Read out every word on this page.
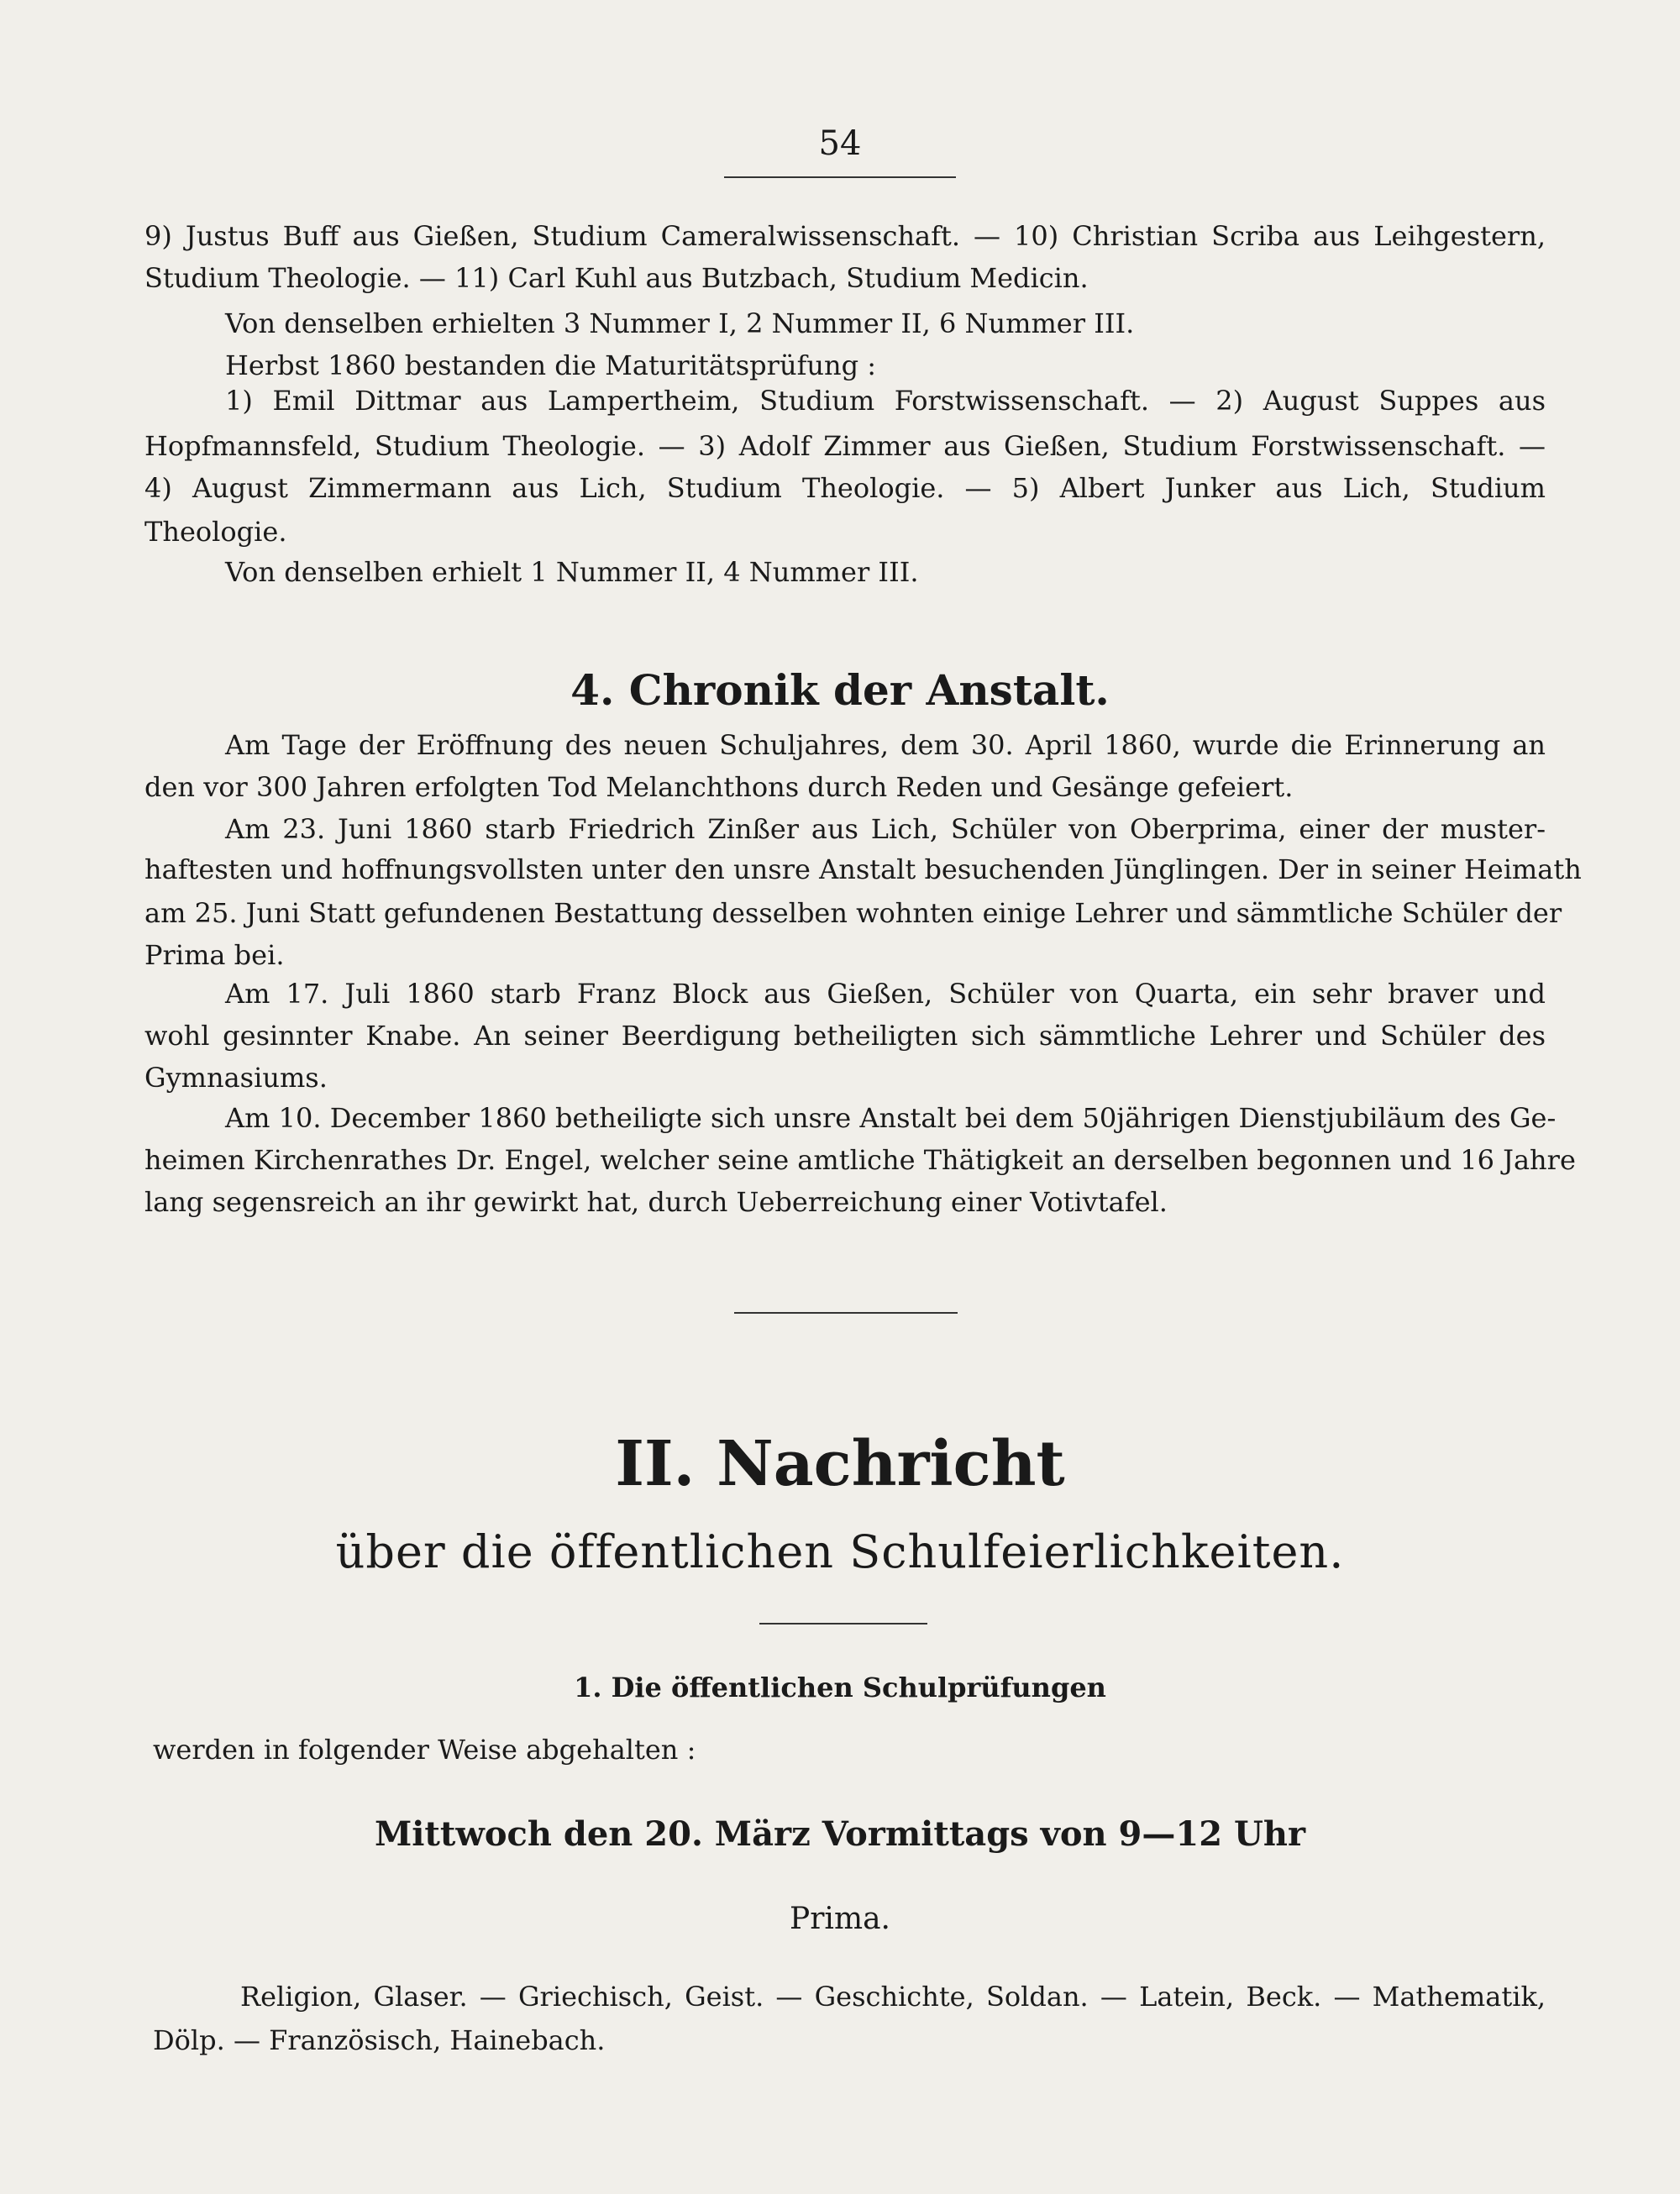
54
9) Justus Buff aus Gießen, Studium Cameralwissenschaft. — 10) Christian Scriba aus Leihgestern,
Studium Theologie. — 11) Carl Kuhl aus Butzbach, Studium Medicin.
Von denselben erhielten 3 Nummer I, 2 Nummer II, 6 Nummer III.
Herbst 1860 bestanden die Maturitätsprüfung :
1) Emil Dittmar aus Lampertheim, Studium Forstwissenschaft. — 2) August Suppes aus
Hopfmannsfeld, Studium Theologie. — 3) Adolf Zimmer aus Gießen, Studium Forstwissenschaft. —
4) August Zimmermann aus Lich, Studium Theologie. — 5) Albert Junker aus Lich, Studium
Theologie.
Von denselben erhielt 1 Nummer II, 4 Nummer III.
4. Chronik der Anstalt.
Am Tage der Eröffnung des neuen Schuljahres, dem 30. April 1860, wurde die Erinnerung an
den vor 300 Jahren erfolgten Tod Melanchthons durch Reden und Gesänge gefeiert.
Am 23. Juni 1860 starb Friedrich Zinßer aus Lich, Schüler von Oberprima, einer der muster-
haftesten und hoffnungsvollsten unter den unsre Anstalt besuchenden Jünglingen. Der in seiner Heimath
am 25. Juni Statt gefundenen Bestattung desselben wohnten einige Lehrer und sämmtliche Schüler der
Prima bei.
Am 17. Juli 1860 starb Franz Block aus Gießen, Schüler von Quarta, ein sehr braver und
wohl gesinnter Knabe. An seiner Beerdigung betheiligten sich sämmtliche Lehrer und Schüler des
Gymnasiums.
Am 10. December 1860 betheiligte sich unsre Anstalt bei dem 50jährigen Dienstjubiläum des Ge-
heimen Kirchenrathes Dr. Engel, welcher seine amtliche Thätigkeit an derselben begonnen und 16 Jahre
lang segensreich an ihr gewirkt hat, durch Ueberreichung einer Votivtafel.
II. Nachricht
über die öffentlichen Schulfeierlichkeiten.
1. Die öffentlichen Schulprüfungen
werden in folgender Weise abgehalten :
Mittwoch den 20. März Vormittags von 9—12 Uhr
Prima.
Religion, Glaser. — Griechisch, Geist. — Geschichte, Soldan. — Latein, Beck. — Mathematik,
Dölp. — Französisch, Hainebach.
